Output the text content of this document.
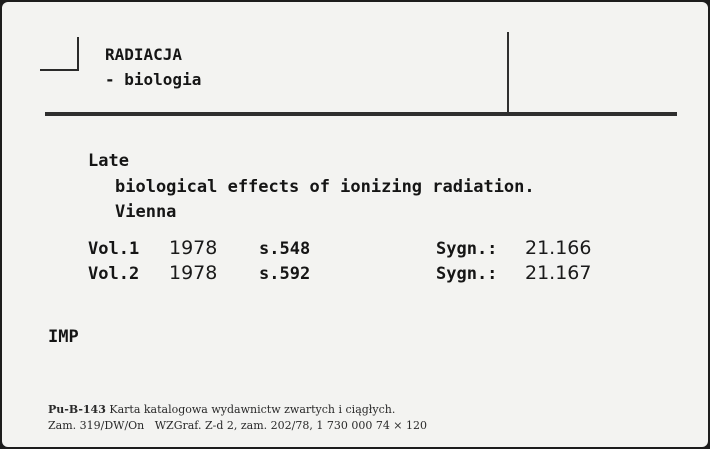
RADIACJA
- biologia
Late
biological effects of ionizing radiation.
Vienna
Vol.1 1978 s.548	Sygn.: 21.166
Vol.2 1978 s.592	Sygn.: 21.167
IMP
Pu-B-143 Karta katalogowa wydawnictw zwartych i ciągłych.
Zam. 319/DW/On   WZGraf. Z-d 2, zam. 202/78, 1 730 000 74 × 120
